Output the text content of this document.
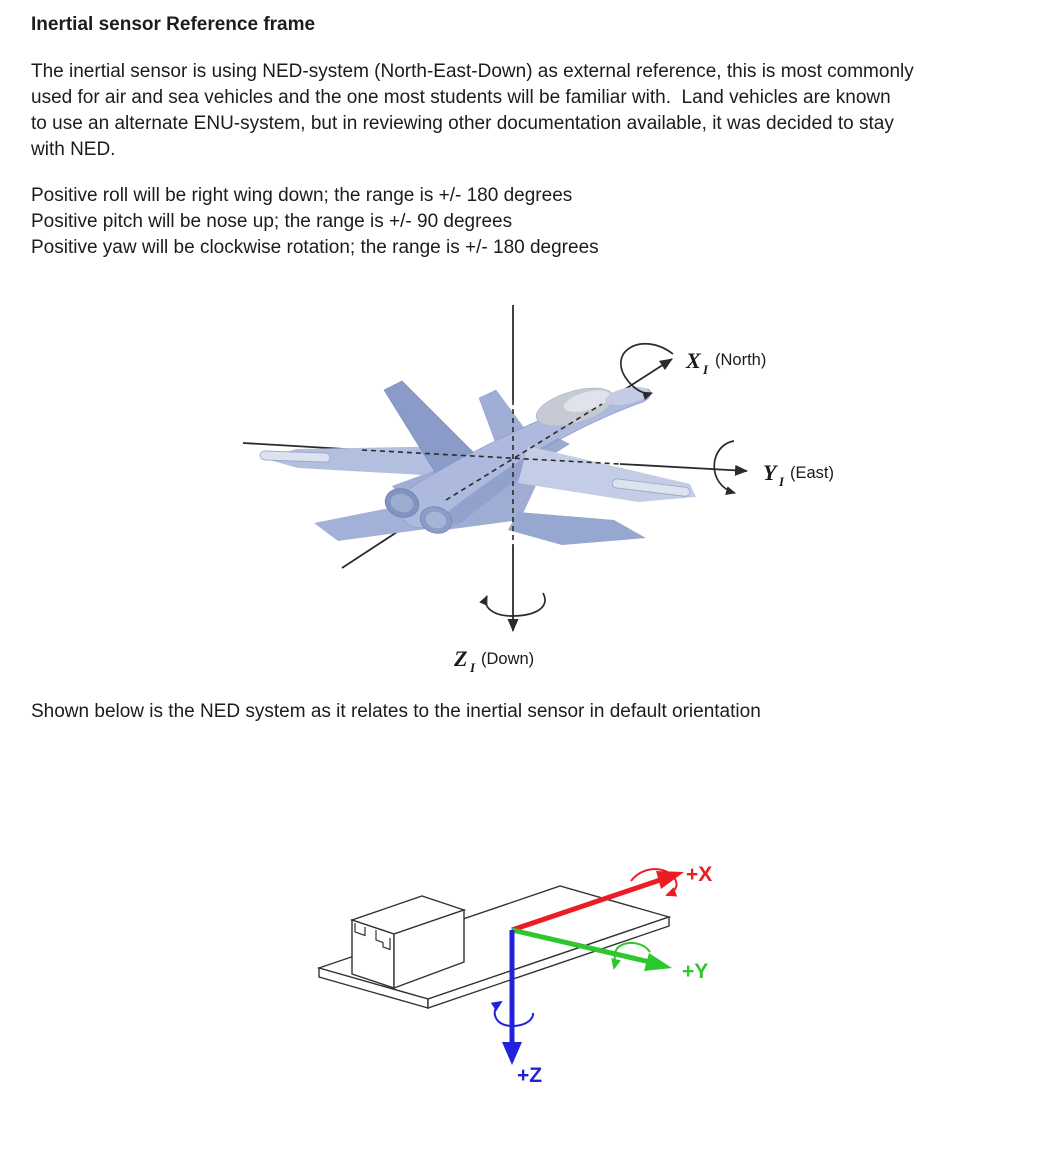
Inertial sensor Reference frame
The inertial sensor is using NED-system (North-East-Down) as external reference, this is most commonly
used for air and sea vehicles and the one most students will be familiar with.  Land vehicles are known
to use an alternate ENU-system, but in reviewing other documentation available, it was decided to stay
with NED.
Positive roll will be right wing down; the range is +/- 180 degrees
Positive pitch will be nose up; the range is +/- 90 degrees
Positive yaw will be clockwise rotation; the range is +/- 180 degrees
X I
(North)
Y I (East)
Z I (Down)
Shown below is the NED system as it relates to the inertial sensor in default orientation
+X
+Y
+Z
